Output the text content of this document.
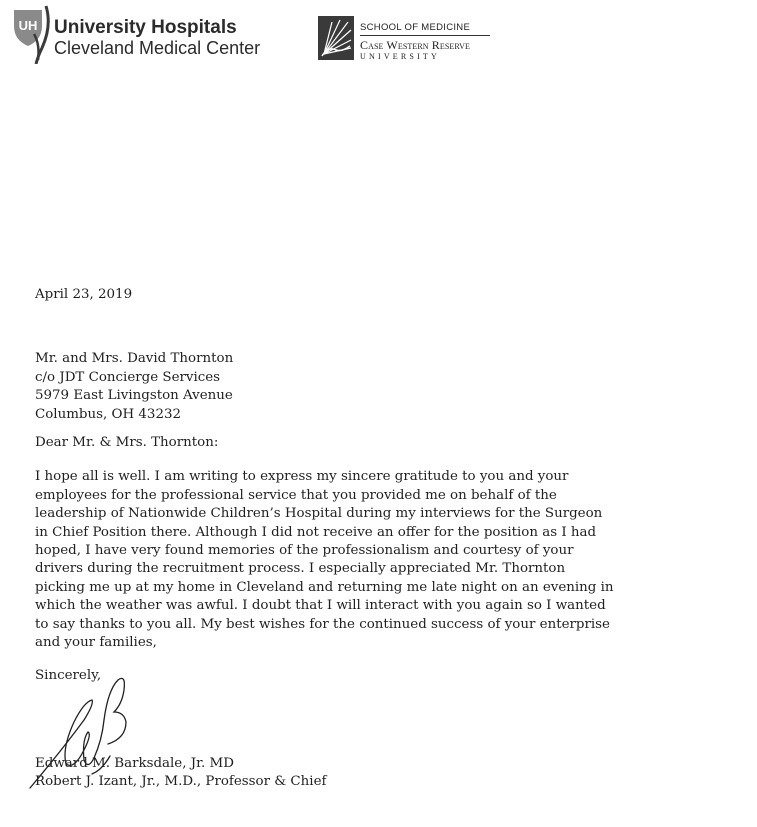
UH University Hospitals
Cleveland Medical Center
SCHOOL OF MEDICINE
Case Western Reserve
UNIVERSITY
April 23, 2019
Mr. and Mrs. David Thornton
c/o JDT Concierge Services
5979 East Livingston Avenue
Columbus, OH 43232
Dear Mr. & Mrs. Thornton:
I hope all is well. I am writing to express my sincere gratitude to you and your
employees for the professional service that you provided me on behalf of the
leadership of Nationwide Children’s Hospital during my interviews for the Surgeon
in Chief Position there. Although I did not receive an offer for the position as I had
hoped, I have very found memories of the professionalism and courtesy of your
drivers during the recruitment process. I especially appreciated Mr. Thornton
picking me up at my home in Cleveland and returning me late night on an evening in
which the weather was awful. I doubt that I will interact with you again so I wanted
to say thanks to you all. My best wishes for the continued success of your enterprise
and your families,
Sincerely,
Edward M. Barksdale, Jr. MD
Robert J. Izant, Jr., M.D., Professor & Chief
